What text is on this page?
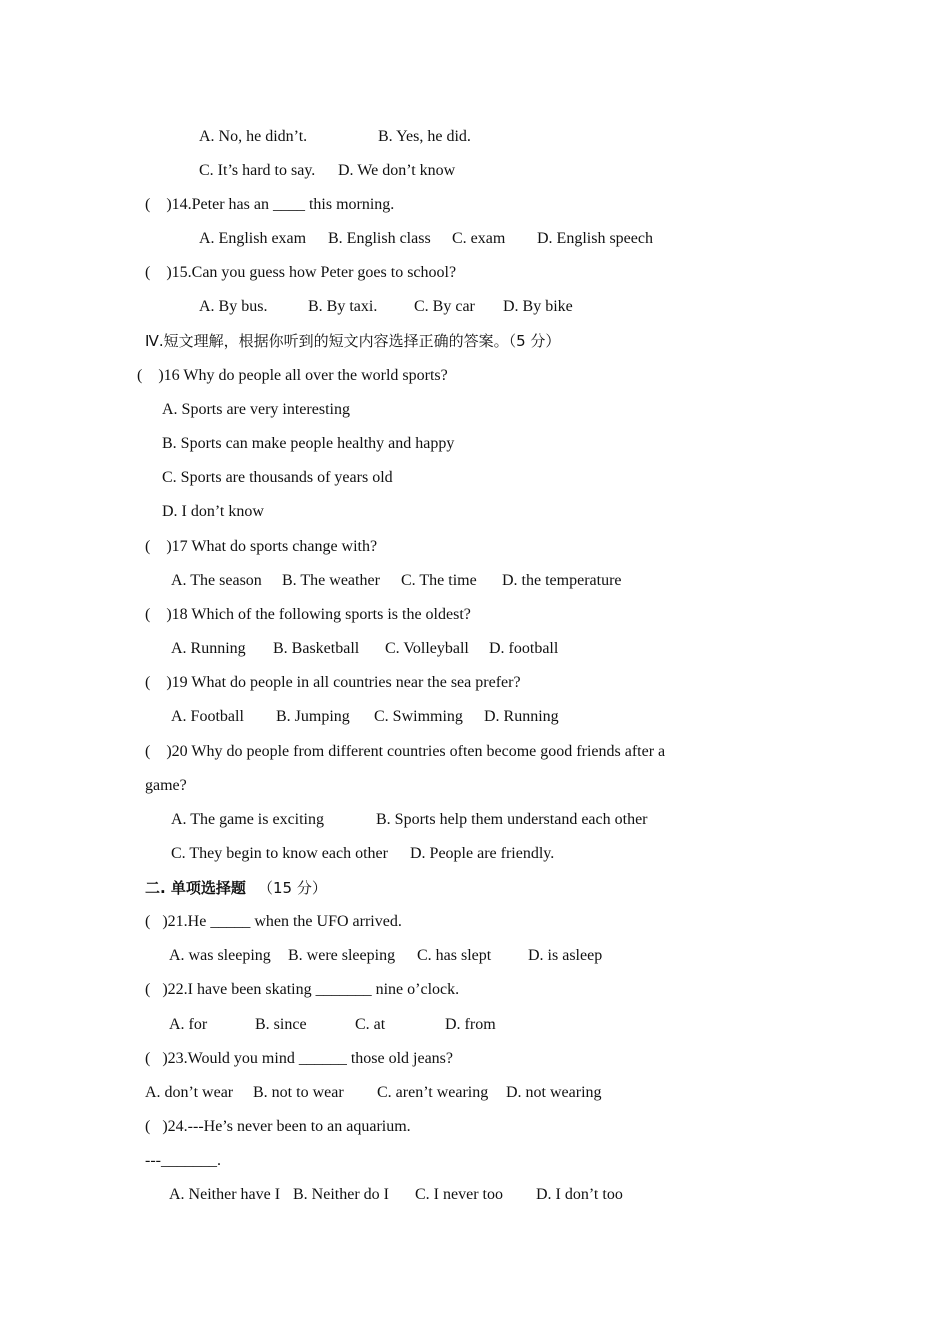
A. No, he didn’t.	B. Yes, he did.
C. It’s hard to say. D. We don’t know
(    )14.Peter has an ____ this morning.
A. English exam B. English class C. exam D. English speech
(    )15.Can you guess how Peter goes to school?
A. By bus.	B. By taxi. C. By car D. By bike
Ⅳ.短文理解，根据你听到的短文内容选择正确的答案。（5 分）
(    )16 Why do people all over the world sports?
A. Sports are very interesting
B. Sports can make people healthy and happy
C. Sports are thousands of years old
D. I don’t know
(    )17 What do sports change with?
A. The season B. The weather C. The time D. the temperature
(    )18 Which of the following sports is the oldest?
A. Running B. Basketball C. Volleyball D. football
(    )19 What do people in all countries near the sea prefer?
A. Football B. Jumping C. Swimming D. Running
(    )20 Why do people from different countries often become good friends after a
game?
A. The game is exciting	B. Sports help them understand each other
C. They begin to know each other D. People are friendly.
二. 单项选择题 （15 分）
(   )21.He _____ when the UFO arrived.
A. was sleeping B. were sleeping C. has slept D. is asleep
(   )22.I have been skating _______ nine o’clock.
A. for	B. since	C. at	D. from
(   )23.Would you mind ______ those old jeans?
A. don’t wear B. not to wear C. aren’t wearing D. not wearing
(   )24.---He’s never been to an aquarium.
---_______.
A. Neither have I B. Neither do I C. I never too D. I don’t too
